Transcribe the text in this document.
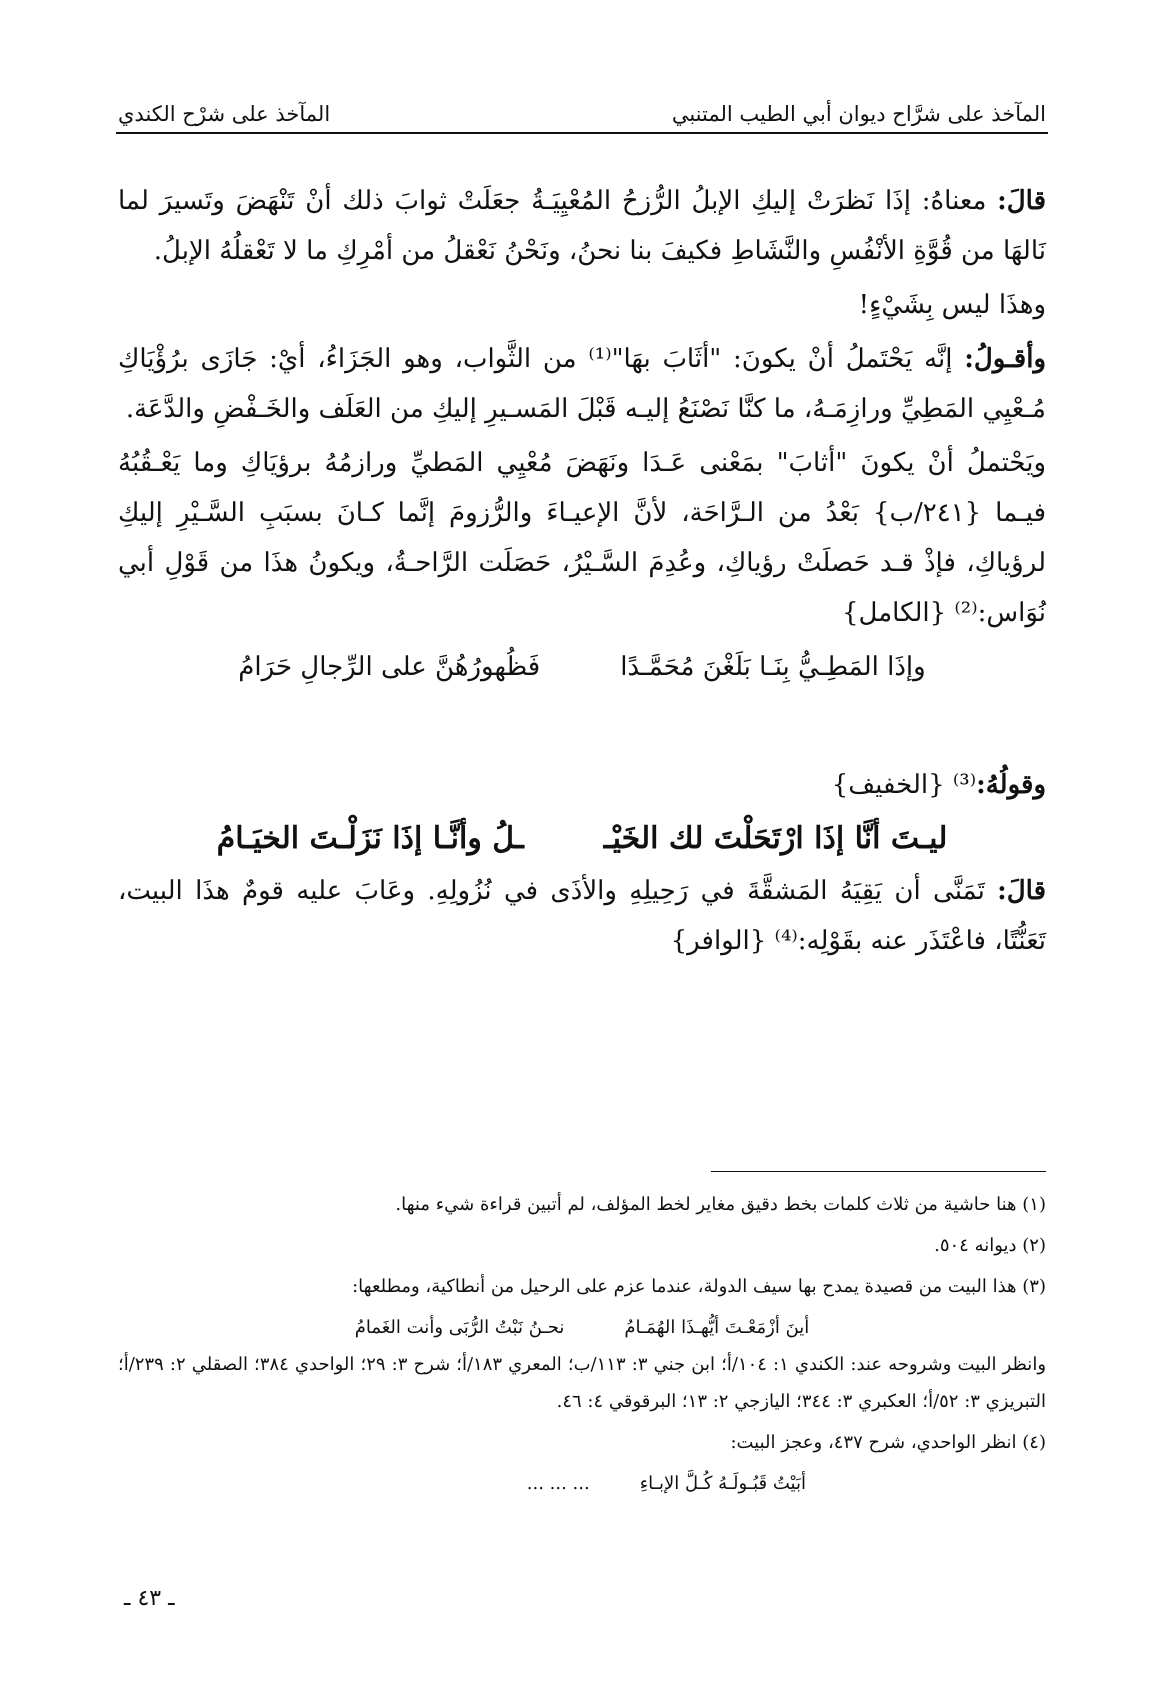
المآخذ على شرَّاح ديوان أبي الطيب المتنبي
المآخذ على شرْح الكندي

قالَ: معناهُ: إذَا نَظرَتْ إليكِ الإبلُ الرُّزحُ المُعْيِيَـةُ جعَلَتْ ثوابَ ذلك أنْ تَنْهَضَ وتَسيرَ لما نَالهَا من قُوَّةِ الأنْفُسِ والنَّشَاطِ فكيفَ بنا نحنُ، ونَحْنُ نَعْقلُ من أمْرِكِ ما لا تَعْقلُهُ الإبلُ.

وهذَا ليس بِشَيْءٍ!

وأقـولُ: إنَّه يَحْتَملُ أنْ يكونَ: "أثَابَ بهَا"⁽¹⁾ من الثَّواب، وهو الجَزَاءُ، أيْ: جَازَى برُؤْيَاكِ مُـعْيِي المَطِيِّ ورازِمَـهُ، ما كنَّا نَصْنَعُ إليـه قَبْلَ المَسـيرِ إليكِ من العَلَف والخَـفْضِ والدَّعَة.

ويَحْتملُ أنْ يكونَ "أثابَ" بمَعْنى عَـدَا ونَهَضَ مُعْيِي المَطيِّ ورازمُهُ برؤيَاكِ وما يَعْـقُبُهُ فيـما {٢٤١/ب} بَعْدُ من الـرَّاحَة، لأنَّ الإعيـاءَ والرُّزومَ إنَّما كـانَ بسبَبِ السَّـيْرِ إليكِ لرؤياكِ، فإذْ قـد حَصلَتْ رؤياكِ، وعُدِمَ السَّـيْرُ، حَصَلَت الرَّاحـةُ، ويكونُ هذَا من قَوْلِ أبي نُوَاس:⁽²⁾ {الكامل}

وإذَا المَطِـيُّ بِنَـا بَلَغْنَ مُحَمَّـدًا
فَظُهورُهُنَّ على الرِّجالِ حَرَامُ

وقولُهُ:⁽³⁾ {الخفيف}

ليـتَ أنَّا إذَا ارْتَحَلْتَ لك الخَيْـ
ـلُ وأنَّـا إذَا نَزَلْـتَ الخيَـامُ

قالَ: تَمَنَّى أن يَقِيَهُ المَشقَّةَ في رَحِيلِهِ والأذَى في نُزُولِهِ. وعَابَ عليه قومٌ هذَا البيت، تَعَنُّتًا، فاعْتَذَر عنه بقَوْلِه:⁽⁴⁾ {الوافر}

(١) هنا حاشية من ثلاث كلمات بخط دقيق مغاير لخط المؤلف، لم أتبين قراءة شيء منها.

(٢) ديوانه ٥٠٤.

(٣) هذا البيت من قصيدة يمدح بها سيف الدولة، عندما عزم على الرحيل من أنطاكية، ومطلعها:

أينَ أزْمَعْـتَ أيُّهـذَا الهُمَـامُ
نحـنُ نَبْتُ الرُّبَى وأنت الغَمامُ

وانظر البيت وشروحه عند: الكندي ١: ١٠٤/أ؛ ابن جني ٣: ١١٣/ب؛ المعري ١٨٣/أ؛ شرح ٣: ٢٩؛ الواحدي ٣٨٤؛ الصقلي ٢: ٢٣٩/أ؛ التبريزي ٣: ٥٢/أ؛ العكبري ٣: ٣٤٤؛ اليازجي ٢: ١٣؛ البرقوقي ٤: ٤٦.

(٤) انظر الواحدي، شرح ٤٣٧، وعجز البيت:

أبَيْتُ قَبُـولَـهُ كُـلَّ الإبـاءِ
... ... ...
ـ ٤٣ ـ
